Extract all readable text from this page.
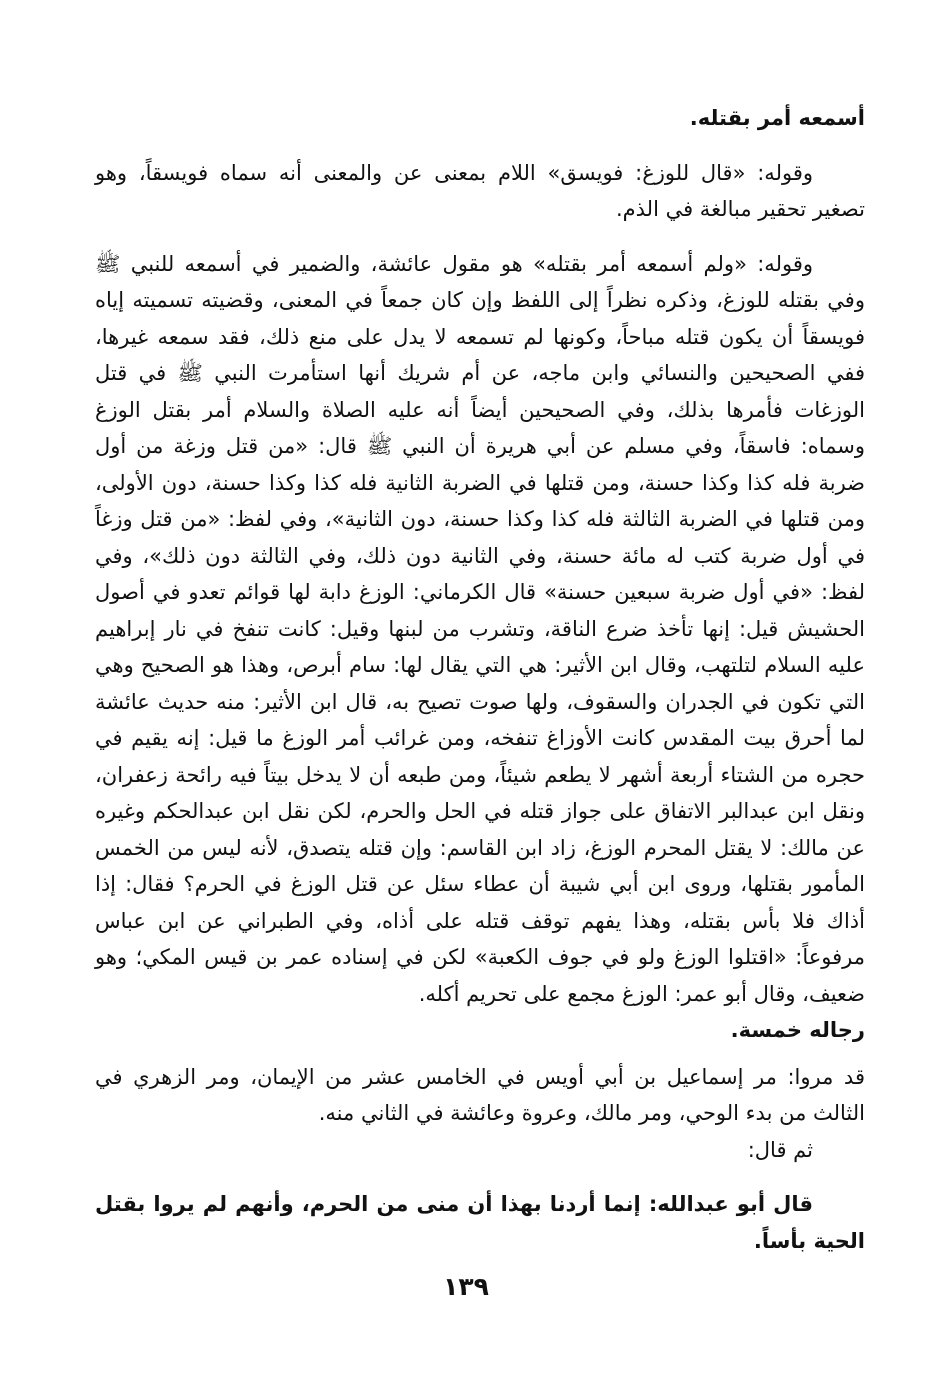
أسمعه أمر بقتله.

وقوله: «قال للوزغ: فويسق» اللام بمعنى عن والمعنى أنه سماه فويسقاً، وهو تصغير تحقير مبالغة في الذم.

وقوله: «ولم أسمعه أمر بقتله» هو مقول عائشة، والضمير في أسمعه للنبي ﷺ وفي بقتله للوزغ، وذكره نظراً إلى اللفظ وإن كان جمعاً في المعنى، وقضيته تسميته إياه فويسقاً أن يكون قتله مباحاً، وكونها لم تسمعه لا يدل على منع ذلك، فقد سمعه غيرها، ففي الصحيحين والنسائي وابن ماجه، عن أم شريك أنها استأمرت النبي ﷺ في قتل الوزغات فأمرها بذلك، وفي الصحيحين أيضاً أنه عليه الصلاة والسلام أمر بقتل الوزغ وسماه: فاسقاً، وفي مسلم عن أبي هريرة أن النبي ﷺ قال: «من قتل وزغة من أول ضربة فله كذا وكذا حسنة، ومن قتلها في الضربة الثانية فله كذا وكذا حسنة، دون الأولى، ومن قتلها في الضربة الثالثة فله كذا وكذا حسنة، دون الثانية»، وفي لفظ: «من قتل وزغاً في أول ضربة كتب له مائة حسنة، وفي الثانية دون ذلك، وفي الثالثة دون ذلك»، وفي لفظ: «في أول ضربة سبعين حسنة» قال الكرماني: الوزغ دابة لها قوائم تعدو في أصول الحشيش قيل: إنها تأخذ ضرع الناقة، وتشرب من لبنها وقيل: كانت تنفخ في نار إبراهيم عليه السلام لتلتهب، وقال ابن الأثير: هي التي يقال لها: سام أبرص، وهذا هو الصحيح وهي التي تكون في الجدران والسقوف، ولها صوت تصيح به، قال ابن الأثير: منه حديث عائشة لما أحرق بيت المقدس كانت الأوزاغ تنفخه، ومن غرائب أمر الوزغ ما قيل: إنه يقيم في حجره من الشتاء أربعة أشهر لا يطعم شيئاً، ومن طبعه أن لا يدخل بيتاً فيه رائحة زعفران، ونقل ابن عبدالبر الاتفاق على جواز قتله في الحل والحرم، لكن نقل ابن عبدالحكم وغيره عن مالك: لا يقتل المحرم الوزغ، زاد ابن القاسم: وإن قتله يتصدق، لأنه ليس من الخمس المأمور بقتلها، وروى ابن أبي شيبة أن عطاء سئل عن قتل الوزغ في الحرم؟ فقال: إذا أذاك فلا بأس بقتله، وهذا يفهم توقف قتله على أذاه، وفي الطبراني عن ابن عباس مرفوعاً: «اقتلوا الوزغ ولو في جوف الكعبة» لكن في إسناده عمر بن قيس المكي؛ وهو ضعيف، وقال أبو عمر: الوزغ مجمع على تحريم أكله.

رجاله خمسة.

قد مروا: مر إسماعيل بن أبي أويس في الخامس عشر من الإيمان، ومر الزهري في الثالث من بدء الوحي، ومر مالك، وعروة وعائشة في الثاني منه.

ثم قال:

قال أبو عبدالله: إنما أردنا بهذا أن منى من الحرم، وأنهم لم يروا بقتل الحية بأساً.

١٣٩
